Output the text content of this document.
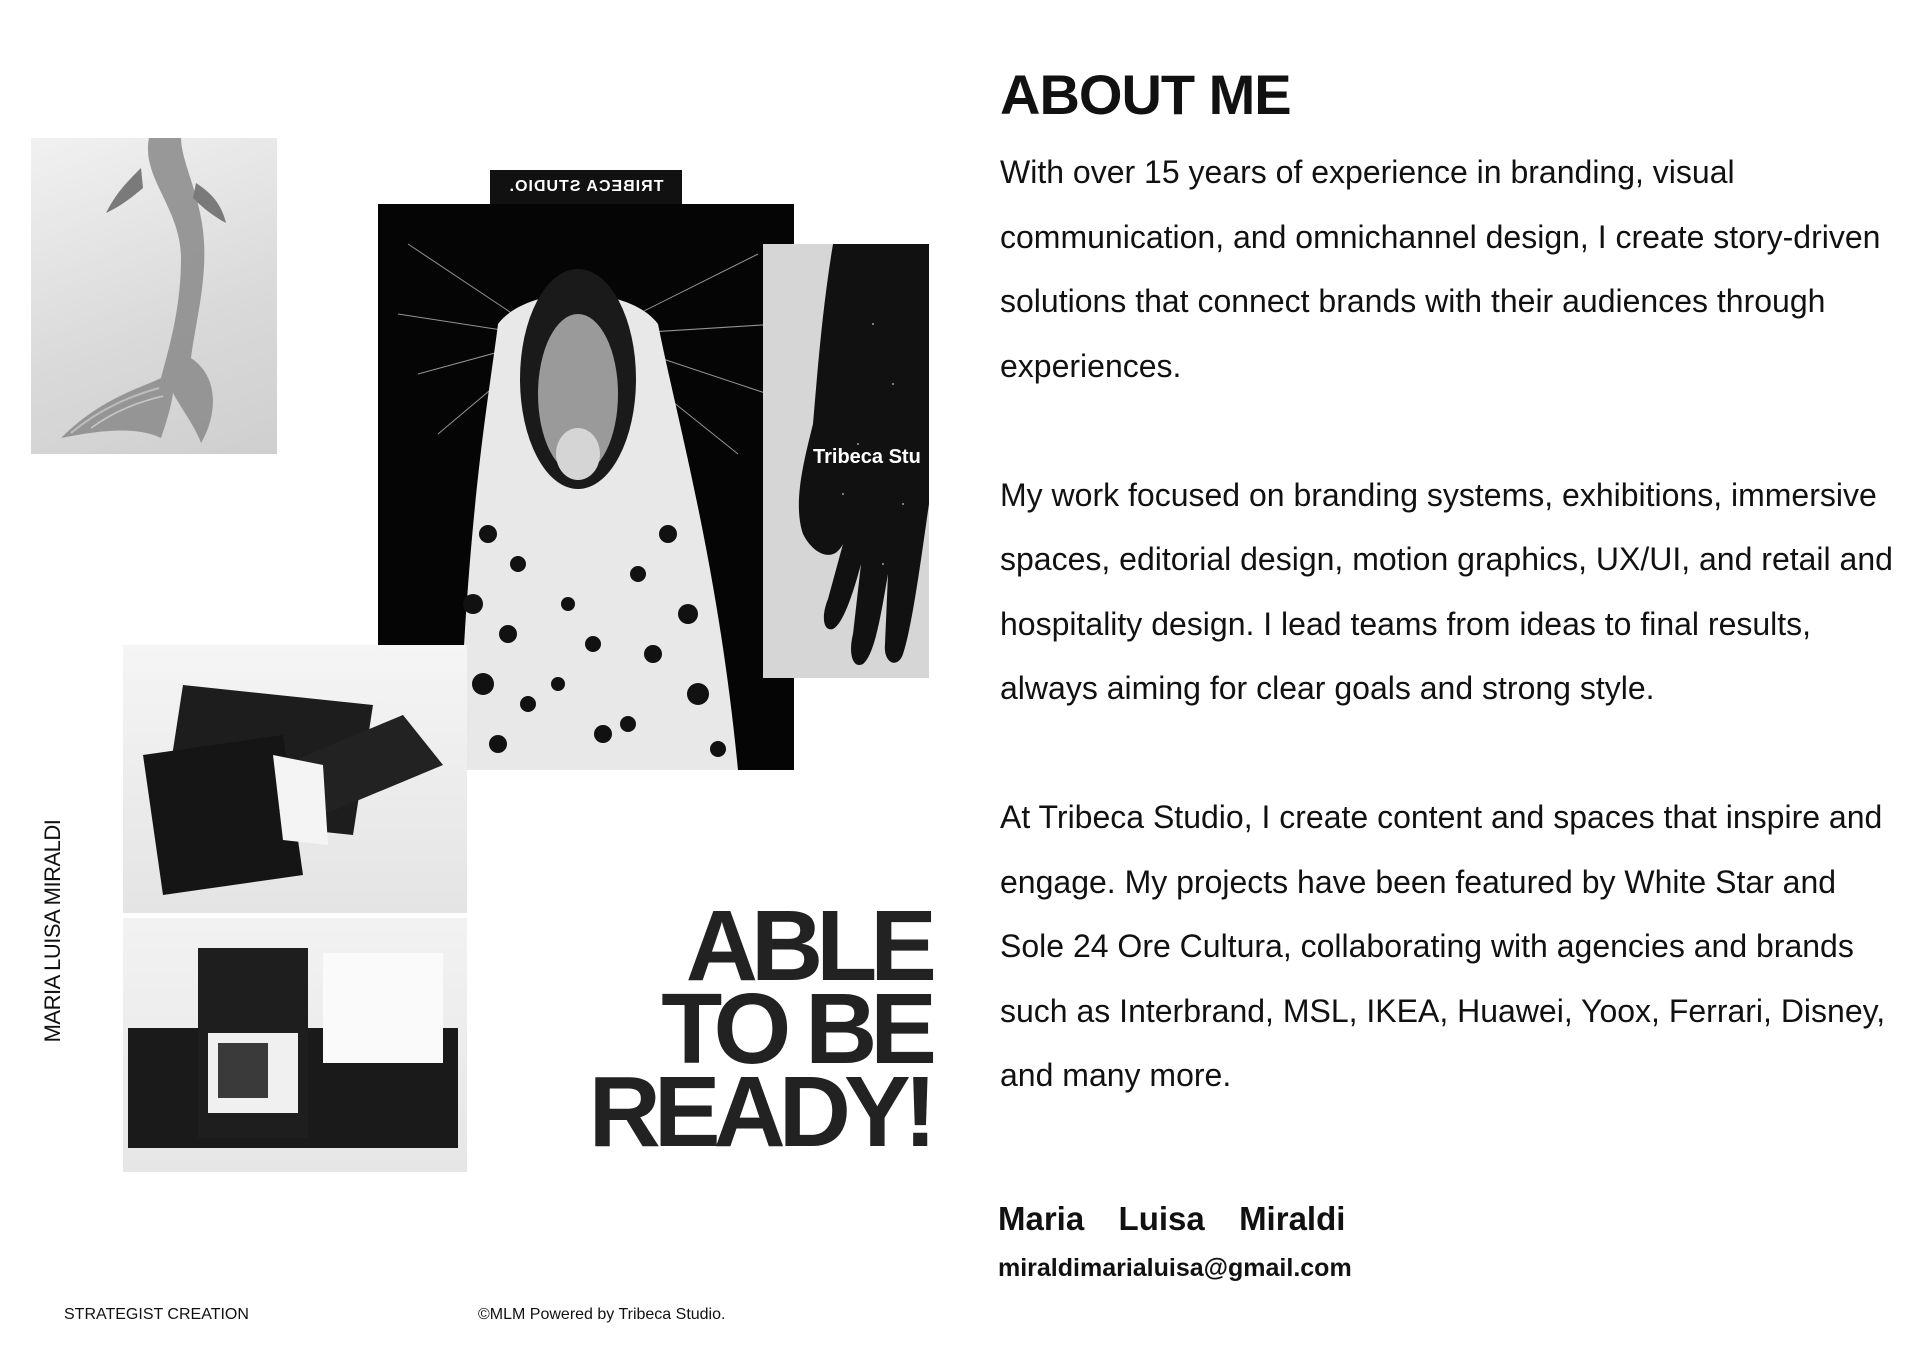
TRIBECA STUDIO.
Tribeca Stu
MARIA LUISA MIRALDI	ABLE
TO BE
READY!
ABOUT ME

With over 15 years of experience in branding, visual communication, and omnichannel design, I create story-driven solutions that connect brands with their audiences through experiences.

My work focused on branding systems, exhibitions, immersive spaces, editorial design, motion graphics, UX/UI, and retail and hospitality design. I lead teams from ideas to final results, always aiming for clear goals and strong style.

At Tribeca Studio, I create content and spaces that inspire and engage. My projects have been featured by White Star and Sole 24 Ore Cultura, collaborating with agencies and brands such as Interbrand, MSL, IKEA, Huawei, Yoox, Ferrari, Disney, and many more.

Maria  Luisa  Miraldi
miraldimarialuisa@gmail.com
STRATEGIST CREATION	©MLM Powered by Tribeca Studio.
